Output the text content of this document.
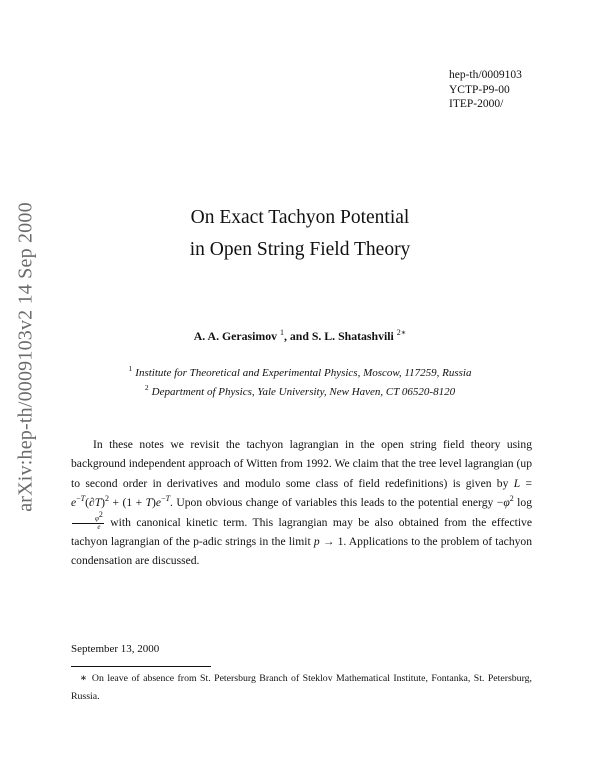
arXiv:hep-th/0009103v2 14 Sep 2000
hep-th/0009103
YCTP-P9-00
ITEP-2000/
On Exact Tachyon Potential
in Open String Field Theory
A. A. Gerasimov $^1$, and S. L. Shatashvili $^{2∗}$
$^1$ Institute for Theoretical and Experimental Physics, Moscow, 117259, Russia
$^2$ Department of Physics, Yale University, New Haven, CT 06520-8120

In these notes we revisit the tachyon lagrangian in the open string field theory using background independent approach of Witten from 1992. We claim that the tree level lagrangian (up to second order in derivatives and modulo some class of field redefinitions) is given by $L = e^{-T}(\partial T)^2 + (1 + T)e^{-T}$. Upon obvious change of variables this leads to the potential energy $-\varphi^2$ log
$\frac{\varphi^2}{e}$ with canonical kinetic term. This lagrangian may be also obtained from the effective tachyon lagrangian of the p-adic strings in the limit p → 1. Applications to the problem of tachyon condensation are discussed.

September 13, 2000
∗ On leave of absence from St. Petersburg Branch of Steklov Mathematical Institute, Fontanka, St. Petersburg, Russia.
